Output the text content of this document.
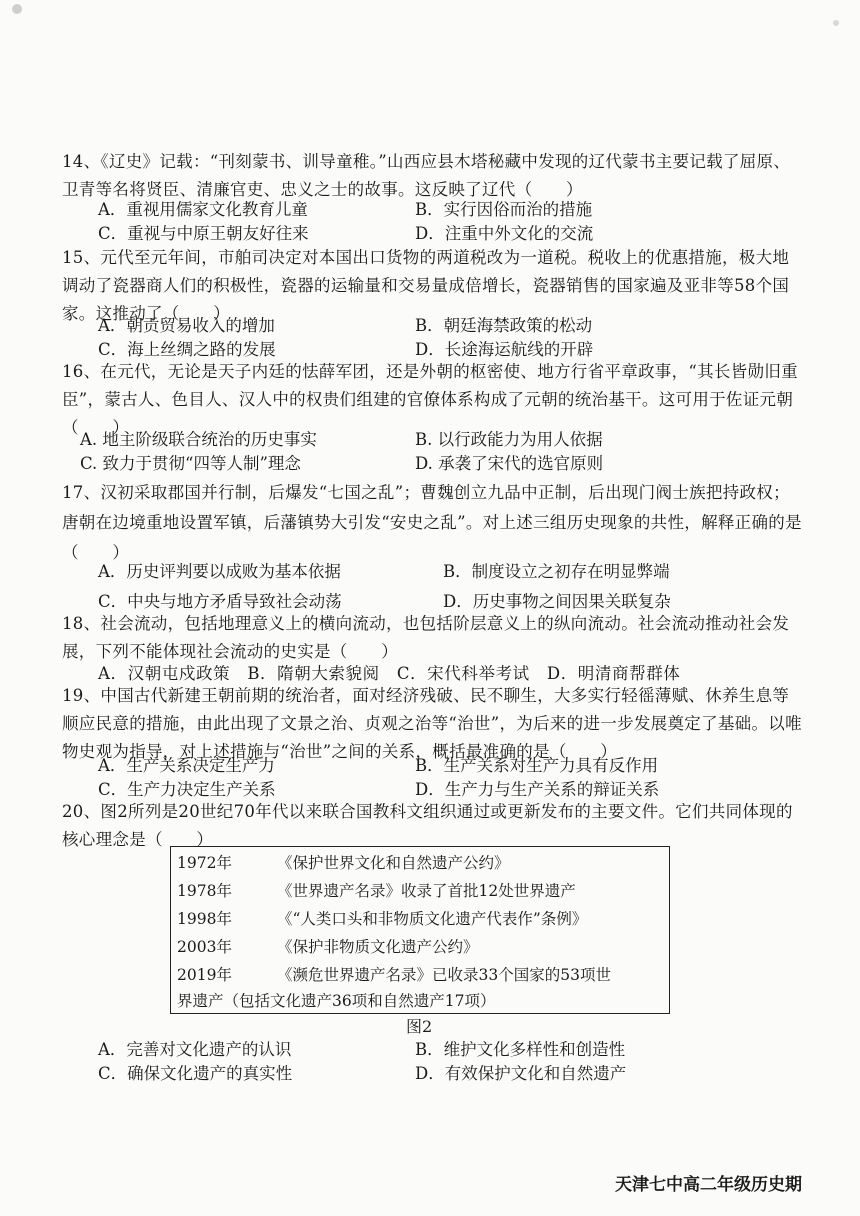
14、《辽史》记载：“刊刻蒙书、训导童稚。”山西应县木塔秘藏中发现的辽代蒙书主要记载了屈原、卫青等名将贤臣、清廉官吏、忠义之士的故事。这反映了辽代（　　）
A．重视用儒家文化教育儿童	B．实行因俗而治的措施
C．重视与中原王朝友好往来	D．注重中外文化的交流
15、元代至元年间，市舶司决定对本国出口货物的两道税改为一道税。税收上的优惠措施，极大地调动了瓷器商人们的积极性，瓷器的运输量和交易量成倍增长，瓷器销售的国家遍及亚非等58个国家。这推动了（　　）
A．朝贡贸易收入的增加	B．朝廷海禁政策的松动
C．海上丝绸之路的发展	D．长途海运航线的开辟
16、在元代，无论是天子内廷的怯薛军团，还是外朝的枢密使、地方行省平章政事，“其长皆勋旧重臣”，蒙古人、色目人、汉人中的权贵们组建的官僚体系构成了元朝的统治基干。这可用于佐证元朝（　　）
A. 地主阶级联合统治的历史事实	B. 以行政能力为用人依据
C. 致力于贯彻“四等人制”理念	D. 承袭了宋代的选官原则
17、汉初采取郡国并行制，后爆发“七国之乱”；曹魏创立九品中正制，后出现门阀士族把持政权；唐朝在边境重地设置军镇，后藩镇势大引发“安史之乱”。对上述三组历史现象的共性，解释正确的是（　　）
A．历史评判要以成败为基本依据	B．制度设立之初存在明显弊端
C．中央与地方矛盾导致社会动荡	D．历史事物之间因果关联复杂
18、社会流动，包括地理意义上的横向流动，也包括阶层意义上的纵向流动。社会流动推动社会发展，下列不能体现社会流动的史实是（　　）
A．汉朝屯戍政策　B．隋朝大索貌阅　C．宋代科举考试　D．明清商帮群体
19、中国古代新建王朝前期的统治者，面对经济残破、民不聊生，大多实行轻徭薄赋、休养生息等顺应民意的措施，由此出现了文景之治、贞观之治等“治世”，为后来的进一步发展奠定了基础。以唯物史观为指导，对上述措施与“治世”之间的关系，概括最准确的是（　　）
A．生产关系决定生产力	B．生产关系对生产力具有反作用
C．生产力决定生产关系	D．生产力与生产关系的辩证关系
20、图2所列是20世纪70年代以来联合国教科文组织通过或更新发布的主要文件。它们共同体现的核心理念是（　　）
1972年	《保护世界文化和自然遗产公约》
1978年	《世界遗产名录》收录了首批12处世界遗产
1998年	《“人类口头和非物质文化遗产代表作”条例》
2003年	《保护非物质文化遗产公约》
2019年	《濒危世界遗产名录》已收录33个国家的53项世
界遗产（包括文化遗产36项和自然遗产17项）
图2
A．完善对文化遗产的认识	B．维护文化多样性和创造性
C．确保文化遗产的真实性	D．有效保护文化和自然遗产
天津七中高二年级历史期
